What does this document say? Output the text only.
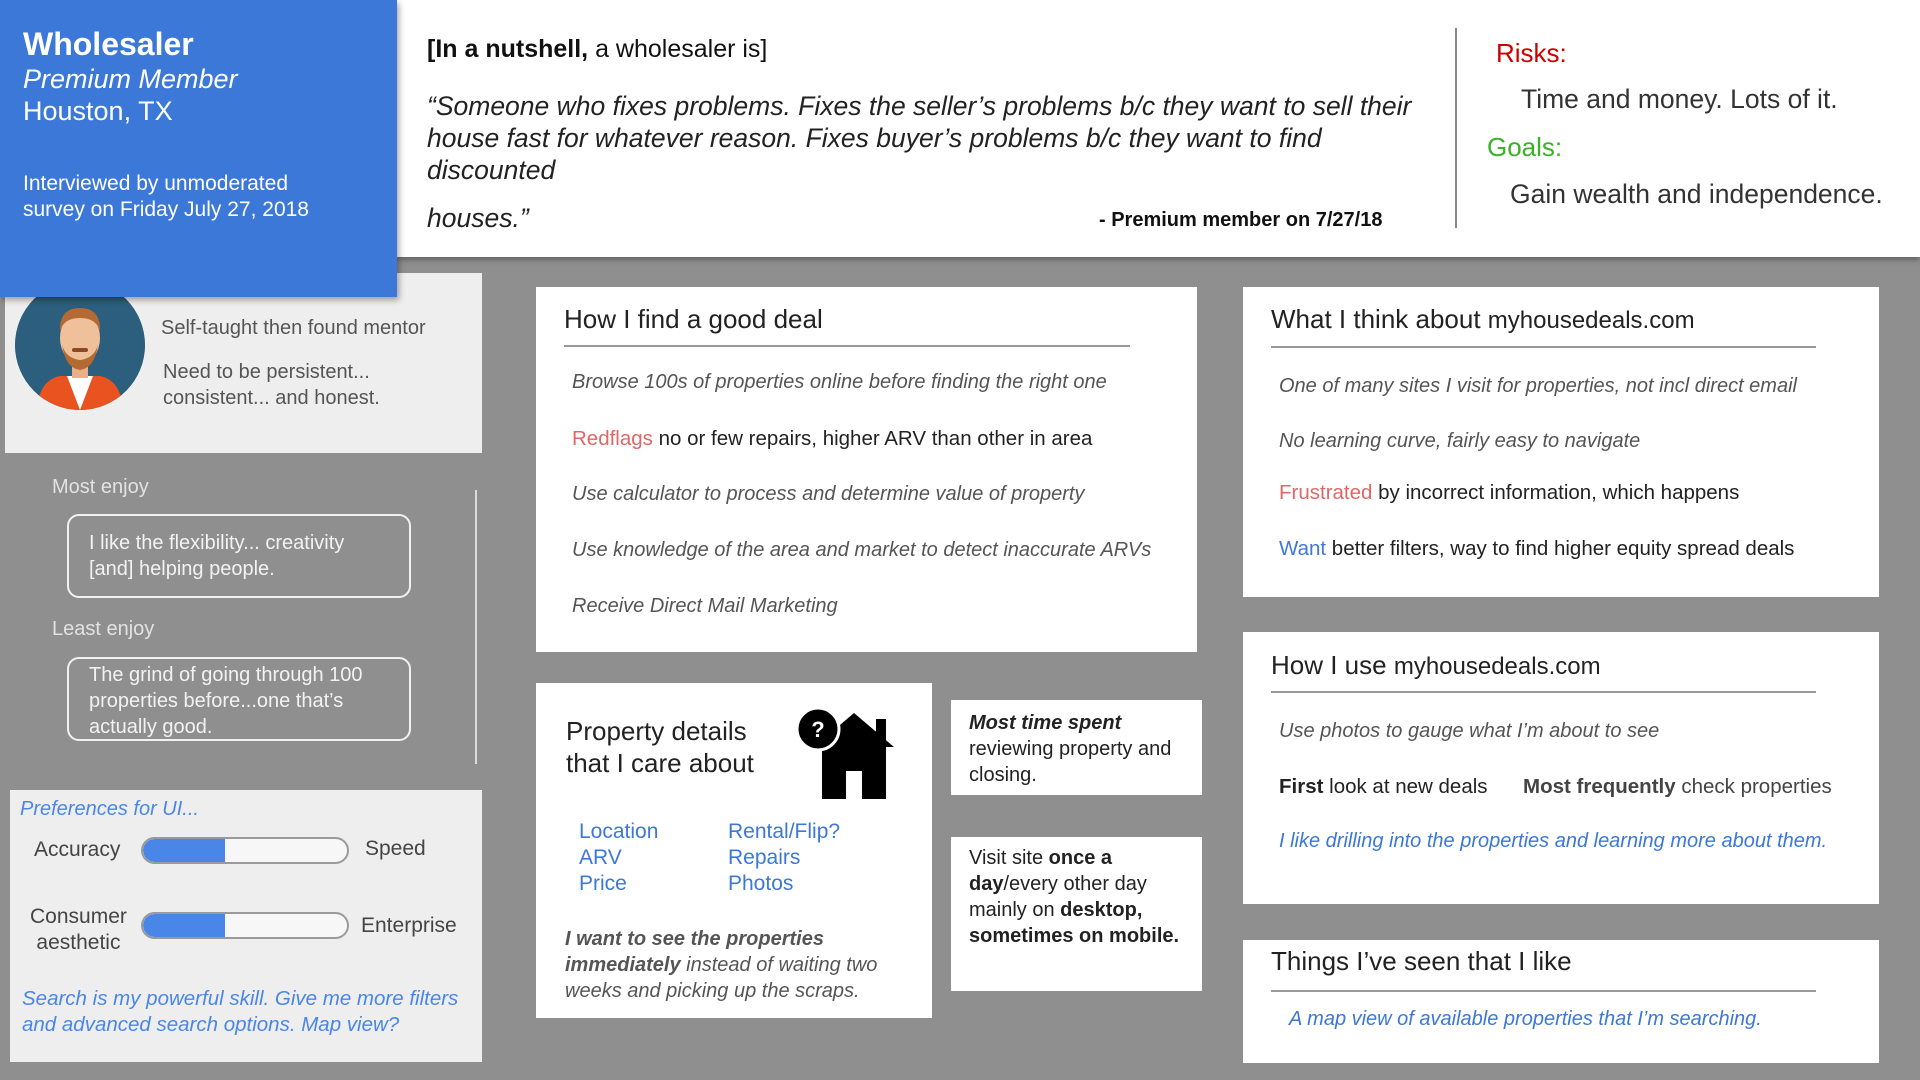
Wholesaler
Premium Member
Houston, TX
Interviewed by unmoderated
survey on Friday July 27, 2018
[In a nutshell, a wholesaler is]
“Someone who fixes problems. Fixes the seller’s problems b/c they want to sell their
house fast for whatever reason. Fixes buyer’s problems b/c they want to find discounted
houses.”	- Premium member on 7/27/18
Risks:
Time and money. Lots of it.
Goals:
Gain wealth and independence.
Self-taught then found mentor
Need to be persistent... consistent... and honest.
Most enjoy
I like the flexibility... creativity [and] helping people.
Least enjoy
The grind of going through 100 properties before...one that’s actually good.
Preferences for UI...
Accuracy	Speed
Consumer
aesthetic
Enterprise
Search is my powerful skill. Give me more filters and advanced search options. Map view?
How I find a good deal
Browse 100s of properties online before finding the right one
Redflags no or few repairs, higher ARV than other in area
Use calculator to process and determine value of property
Use knowledge of the area and market to detect inaccurate ARVs
Receive Direct Mail Marketing
Property details
that I care about
?
Location
ARV
Price
Rental/Flip?
Repairs
Photos
I want to see the properties immediately instead of waiting two weeks and picking up the scraps.
Most time spent reviewing property and closing.
Visit site once a day/every other day mainly on desktop, sometimes on mobile.
What I think about myhousedeals.com
One of many sites I visit for properties, not incl direct email
No learning curve, fairly easy to navigate
Frustrated by incorrect information, which happens
Want better filters, way to find higher equity spread deals
How I use myhousedeals.com
Use photos to gauge what I’m about to see
First look at new deals Most frequently check properties
I like drilling into the properties and learning more about them.
Things I’ve seen that I like
A map view of available properties that I’m searching.
